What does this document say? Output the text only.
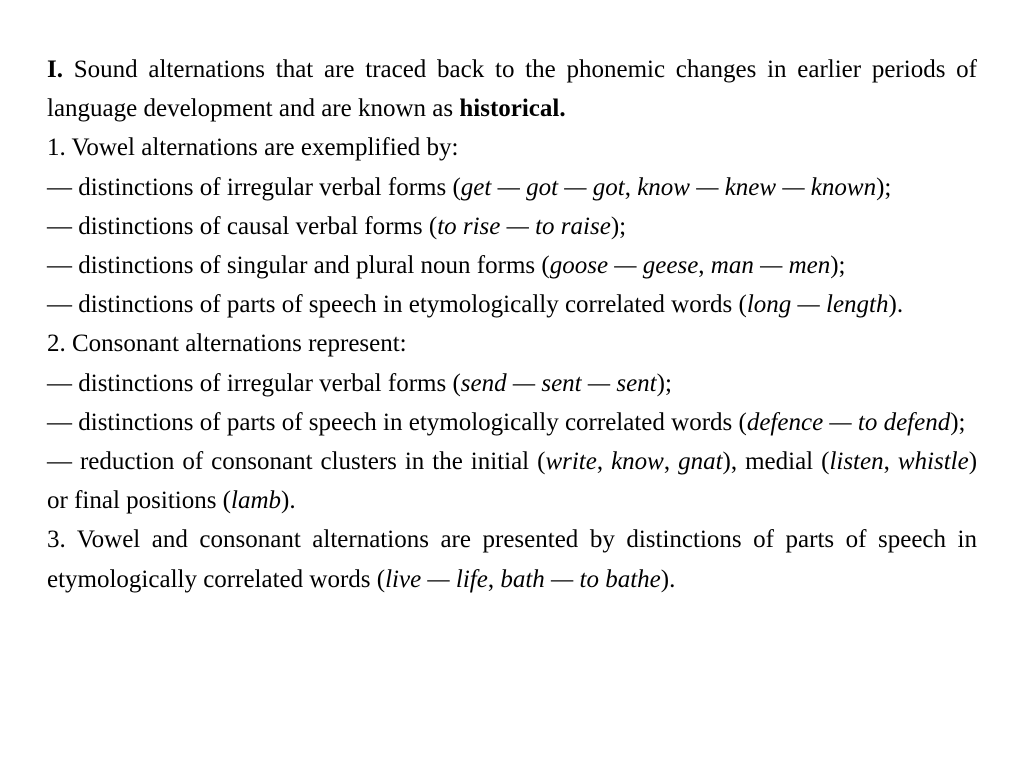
I. Sound alternations that are traced back to the phonemic changes in earlier periods of language development and are known as historical.

1. Vowel alternations are exemplified by:

— distinctions of irregular verbal forms (get — got — got, know — knew — known);

— distinctions of causal verbal forms (to rise — to raise);

— distinctions of singular and plural noun forms (goose — geese, man — men);

— distinctions of parts of speech in etymologically correlated words (long — length).

2. Consonant alternations represent:

— distinctions of irregular verbal forms (send — sent — sent);

— distinctions of parts of speech in etymologically correlated words (defence — to defend);

— reduction of consonant clusters in the initial (write, know, gnat), medial (listen, whistle) or final positions (lamb).

3. Vowel and consonant alternations are presented by distinctions of parts of speech in etymologically correlated words (live — life, bath — to bathe).
